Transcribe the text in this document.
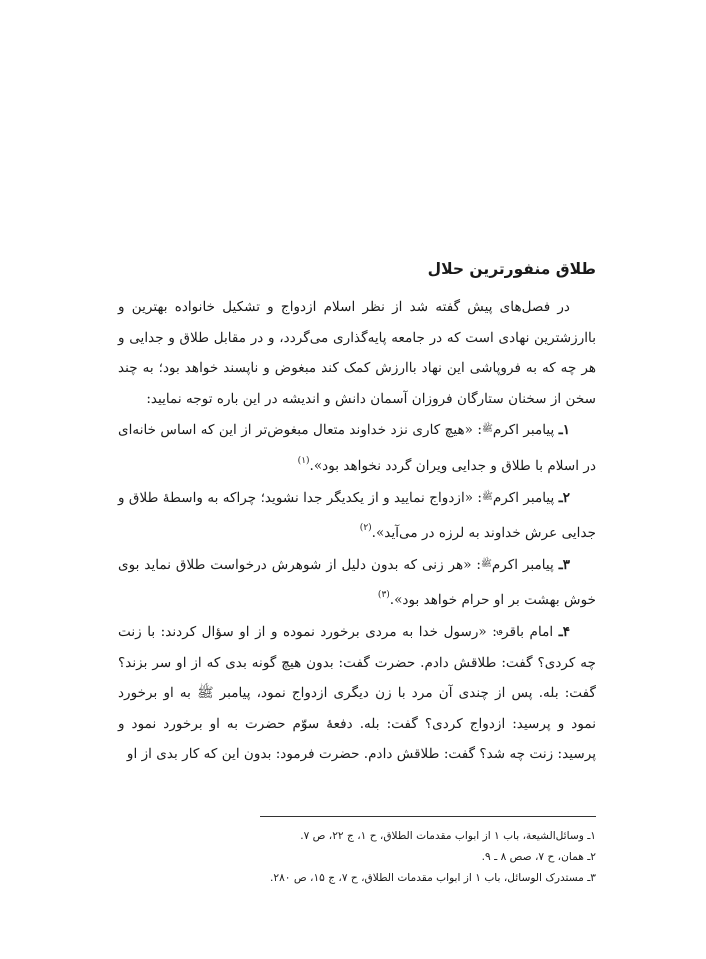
طلاق منفورترین حلال

در فصل‌های پیش گفته شد از نظر اسلام ازدواج و تشکیل خانواده بهترین و باارزشترین نهادی است که در جامعه پایه‌گذاری می‌گردد، و در مقابل طلاق و جدایی و هر چه که به فروپاشی این نهاد باارزش کمک کند مبغوض و ناپسند خواهد بود؛ به چند سخن از سخنان ستارگان فروزان آسمان دانش و اندیشه در این باره توجه نمایید:

۱ـ پیامبر اکرم$^ﷺ$: «هیچ کاری نزد خداوند متعال مبغوض‌تر از این که اساس خانه‌ای در اسلام با طلاق و جدایی ویران گردد نخواهد بود».$^{(۱)}$

۲ـ پیامبر اکرم$^ﷺ$: «ازدواج نمایید و از یکدیگر جدا نشوید؛ چراکه به واسطهٔ طلاق و جدایی عرش خداوند به لرزه در می‌آید».$^{(۲)}$

۳ـ پیامبر اکرم$^ﷺ$: «هر زنی که بدون دلیل از شوهرش درخواست طلاق نماید بوی خوش بهشت بر او حرام خواهد بود».$^{(۳)}$

۴ـ امام باقر؈: «رسول خدا به مردی برخورد نموده و از او سؤال کردند: با زنت چه کردی؟ گفت: طلاقش دادم. حضرت گفت: بدون هیچ گونه بدی که از او سر بزند؟ گفت: بله. پس از چندی آن مرد با زن دیگری ازدواج نمود، پیامبر ﷺ به او برخورد نمود و پرسید: ازدواج کردی؟ گفت: بله. دفعهٔ سوّم حضرت به او برخورد نمود و پرسید: زنت چه شد؟ گفت: طلاقش دادم. حضرت فرمود: بدون این که کار بدی از او

۱ـ وسائل‌الشیعة، باب ۱ از ابواب مقدمات الطلاق، ح ۱، ج ۲۲، ص ۷.

۲ـ همان، ح ۷، صص ۸ ـ ۹.

۳ـ مستدرک الوسائل، باب ۱ از ابواب مقدمات الطلاق، ح ۷، ج ۱۵، ص ۲۸۰.
